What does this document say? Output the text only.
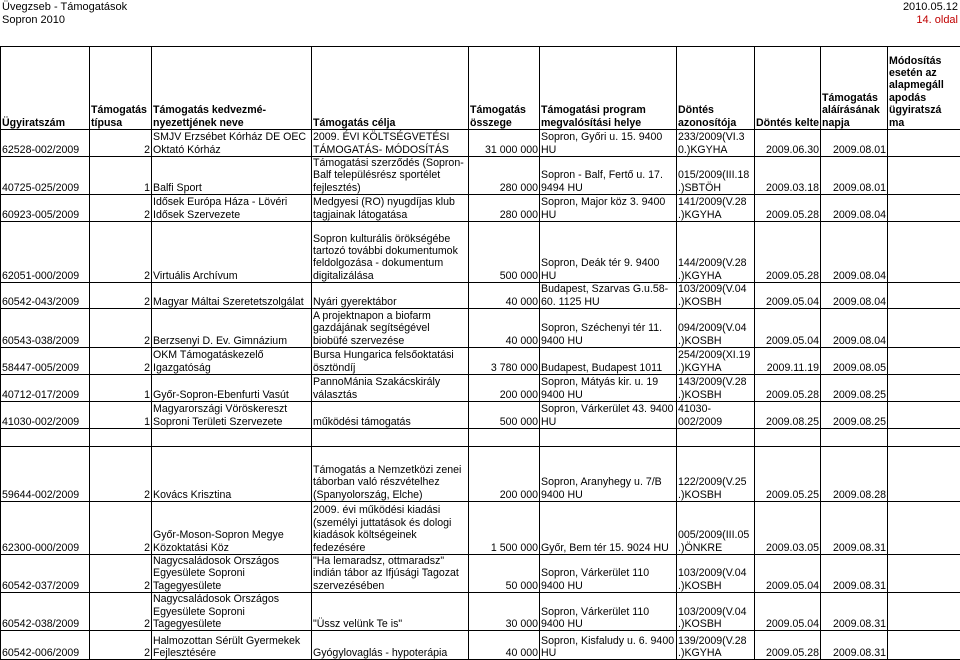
Üvegzseb - Támogatások	2010.05.12
Sopron 2010	14. oldal
Ügyiratszám	Támogatás típusa	Támogatás kedvezmé- nyezettjének neve	Támogatás célja	Támogatás összege	Támogatási program megvalósítási helye	Döntés azonosítója	Döntés kelte	Támogatás aláírásának napja	Módosítás esetén az alapmegáll apodás ügyiratszá ma
62528-002/2009	2	SMJV Erzsébet Kórház DE OEC Oktató Kórház	2009. ÉVI KÖLTSÉGVETÉSI TÁMOGATÁS- MÓDOSÍTÁS	31 000 000	Sopron, Győri u. 15. 9400 HU	233/2009(VI.3 0.)KGYHA	2009.06.30	2009.08.01	
40725-025/2009	1	Balfi Sport	Támogatási szerződés (Sopron-Balf településrész sportélet fejlesztés)	280 000	Sopron - Balf, Fertő u. 17. 9494 HU	015/2009(III.18 .)SBTÖH	2009.03.18	2009.08.01	
60923-005/2009	2	Idősek Európa Háza - Lövéri Idősek Szervezete	Medgyesi (RO) nyugdíjas klub tagjainak látogatása	280 000	Sopron, Major köz 3. 9400 HU	141/2009(V.28 .)KGYHA	2009.05.28	2009.08.04	
62051-000/2009	2	Virtuális Archívum	Sopron kulturális örökségébe tartozó további dokumentumok feldolgozása - dokumentum digitalizálása	500 000	Sopron, Deák tér 9. 9400 HU	144/2009(V.28 .)KGYHA	2009.05.28	2009.08.04	
60542-043/2009	2	Magyar Máltai Szeretetszolgálat	Nyári gyerektábor	40 000	Budapest, Szarvas G.u.58-60. 1125 HU	103/2009(V.04 .)KOSBH	2009.05.04	2009.08.04	
60543-038/2009	2	Berzsenyi D. Ev. Gimnázium	A projektnapon a biofarm gazdájának segítségével biobüfé szervezése	40 000	Sopron, Széchenyi tér 11. 9400 HU	094/2009(V.04 .)KOSBH	2009.05.04	2009.08.04	
58447-005/2009	2	OKM Támogatáskezelő Igazgatóság	Bursa Hungarica felsőoktatási ösztöndíj	3 780 000	Budapest, Budapest 1011	254/2009(XI.19 .)KGYHA	2009.11.19	2009.08.05	
40712-017/2009	1	Győr-Sopron-Ebenfurti Vasút	PannoMánia Szakácskirály választás	200 000	Sopron, Mátyás kir. u. 19 9400 HU	143/2009(V.28 .)KOSBH	2009.05.28	2009.08.25	
41030-002/2009	1	Magyarországi Vöröskereszt Soproni Területi Szervezete	működési támogatás	500 000	Sopron, Várkerület 43. 9400 HU	41030-002/2009	2009.08.25	2009.08.25	

59644-002/2009	2	Kovács Krisztina	Támogatás a Nemzetközi zenei táborban való részvételhez (Spanyolország, Elche)	200 000	Sopron, Aranyhegy u. 7/B 9400 HU	122/2009(V.25 .)KOSBH	2009.05.25	2009.08.28	
62300-000/2009	2	Győr-Moson-Sopron Megye Közoktatási Köz	2009. évi működési kiadási (személyi juttatások és dologi kiadások költségeinek fedezésére	1 500 000	Győr, Bem tér 15. 9024 HU	005/2009(III.05 .)ÖNKRE	2009.03.05	2009.08.31	
60542-037/2009	2	Nagycsaládosok Országos Egyesülete Soproni Tagegyesülete	"Ha lemaradsz, ottmaradsz" indián tábor az Ifjúsági Tagozat szervezésében	50 000	Sopron, Várkerület 110 9400 HU	103/2009(V.04 .)KOSBH	2009.05.04	2009.08.31	
60542-038/2009	2	Nagycsaládosok Országos Egyesülete Soproni Tagegyesülete	"Üssz velünk Te is"	30 000	Sopron, Várkerület 110 9400 HU	103/2009(V.04 .)KOSBH	2009.05.04	2009.08.31	
60542-006/2009	2	Halmozottan Sérült Gyermekek Fejlesztésére	Gyógylovaglás - hypoterápia	40 000	Sopron, Kisfaludy u. 6. 9400 HU	139/2009(V.28 .)KGYHA	2009.05.28	2009.08.31	
